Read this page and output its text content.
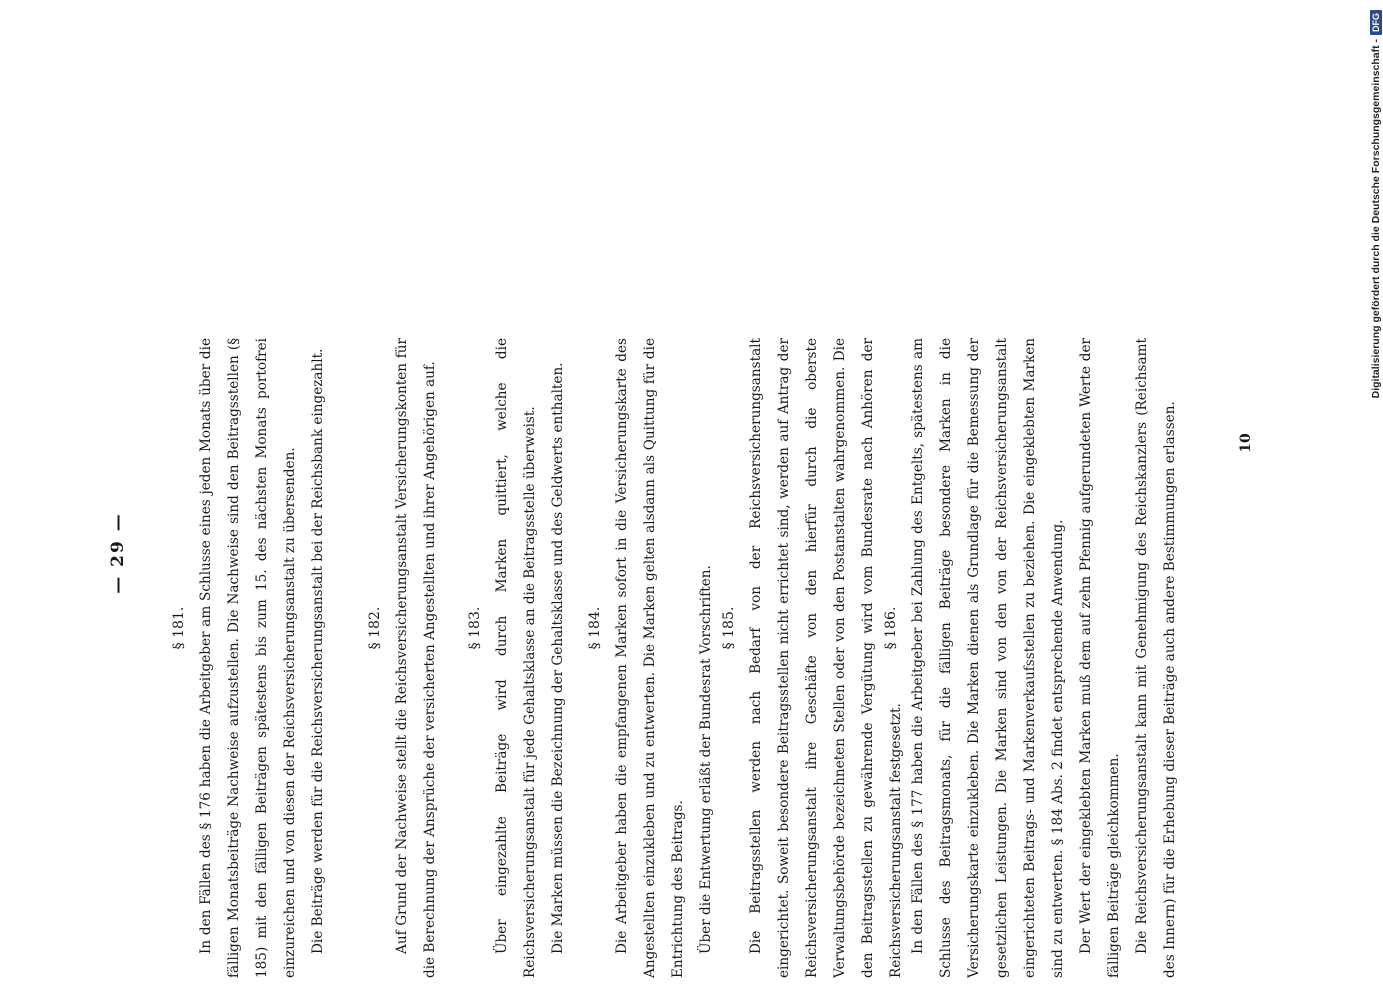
— 29 —
§ 181. In den Fällen des § 176 haben die Arbeitgeber am Schlusse eines jeden Monats über die fälligen Monatsbeiträge Nachweise aufzustellen. Die Nachweise sind den Beitragsstellen (§ 185) mit den fälligen Beiträgen spätestens bis zum 15. des nächsten Monats portofrei einzureichen und von diesen der Reichsversicherungsanstalt zu übersenden. Die Beiträge werden für die Reichsversicherungsanstalt bei der Reichsbank eingezahlt.	§ 182. Auf Grund der Nachweise stellt die Reichsversicherungsanstalt Versicherungskonten für die Berechnung der Ansprüche der versicherten Angestellten und ihrer Angehörigen auf.	§ 183. Über eingezahlte Beiträge wird durch Marken quittiert, welche die Reichsversicherungsanstalt für jede Gehaltsklasse an die Beitragsstelle überweist. Die Marken müssen die Bezeichnung der Gehaltsklasse und des Geldwerts enthalten.	§ 184. Die Arbeitgeber haben die empfangenen Marken sofort in die Versicherungskarte des Angestellten einzukleben und zu entwerten. Die Marken gelten alsdann als Quittung für die Entrichtung des Beitrags. Über die Entwertung erläßt der Bundesrat Vorschriften. § 185. Die Beitragsstellen werden nach Bedarf von der Reichsversicherungsanstalt eingerichtet. Soweit besondere Beitragsstellen nicht errichtet sind, werden auf Antrag der Reichsversicherungsanstalt ihre Geschäfte von den hierfür durch die oberste Verwaltungsbehörde bezeichneten Stellen oder von den Postanstalten wahrgenommen. Die den Beitragsstellen zu gewährende Vergütung wird vom Bundesrate nach Anhören der Reichsversicherungsanstalt festgesetzt.

§ 186. In den Fällen des § 177 haben die Arbeitgeber bei Zahlung des Entgelts, spätestens am Schlusse des Beitragsmonats, für die fälligen Beiträge besondere Marken in die Versicherungskarte einzukleben. Die Marken dienen als Grundlage für die Bemessung der gesetzlichen Leistungen. Die Marken sind von den von der Reichsversicherungsanstalt eingerichteten Beitrags- und Markenverkaufsstellen zu beziehen. Die eingeklebten Marken sind zu entwerten. § 184 Abs. 2 findet entsprechende Anwendung. Der Wert der eingeklebten Marken muß dem auf zehn Pfennig aufgerundeten Werte der fälligen Beiträge gleichkommen. Die Reichsversicherungsanstalt kann mit Genehmigung des Reichskanzlers (Reichsamt des Innern) für die Erhebung dieser Beiträge auch andere Bestimmungen erlassen.	10
Digitalisierung gefördert durch die Deutsche Forschungsgemeinschaft -
DFG
